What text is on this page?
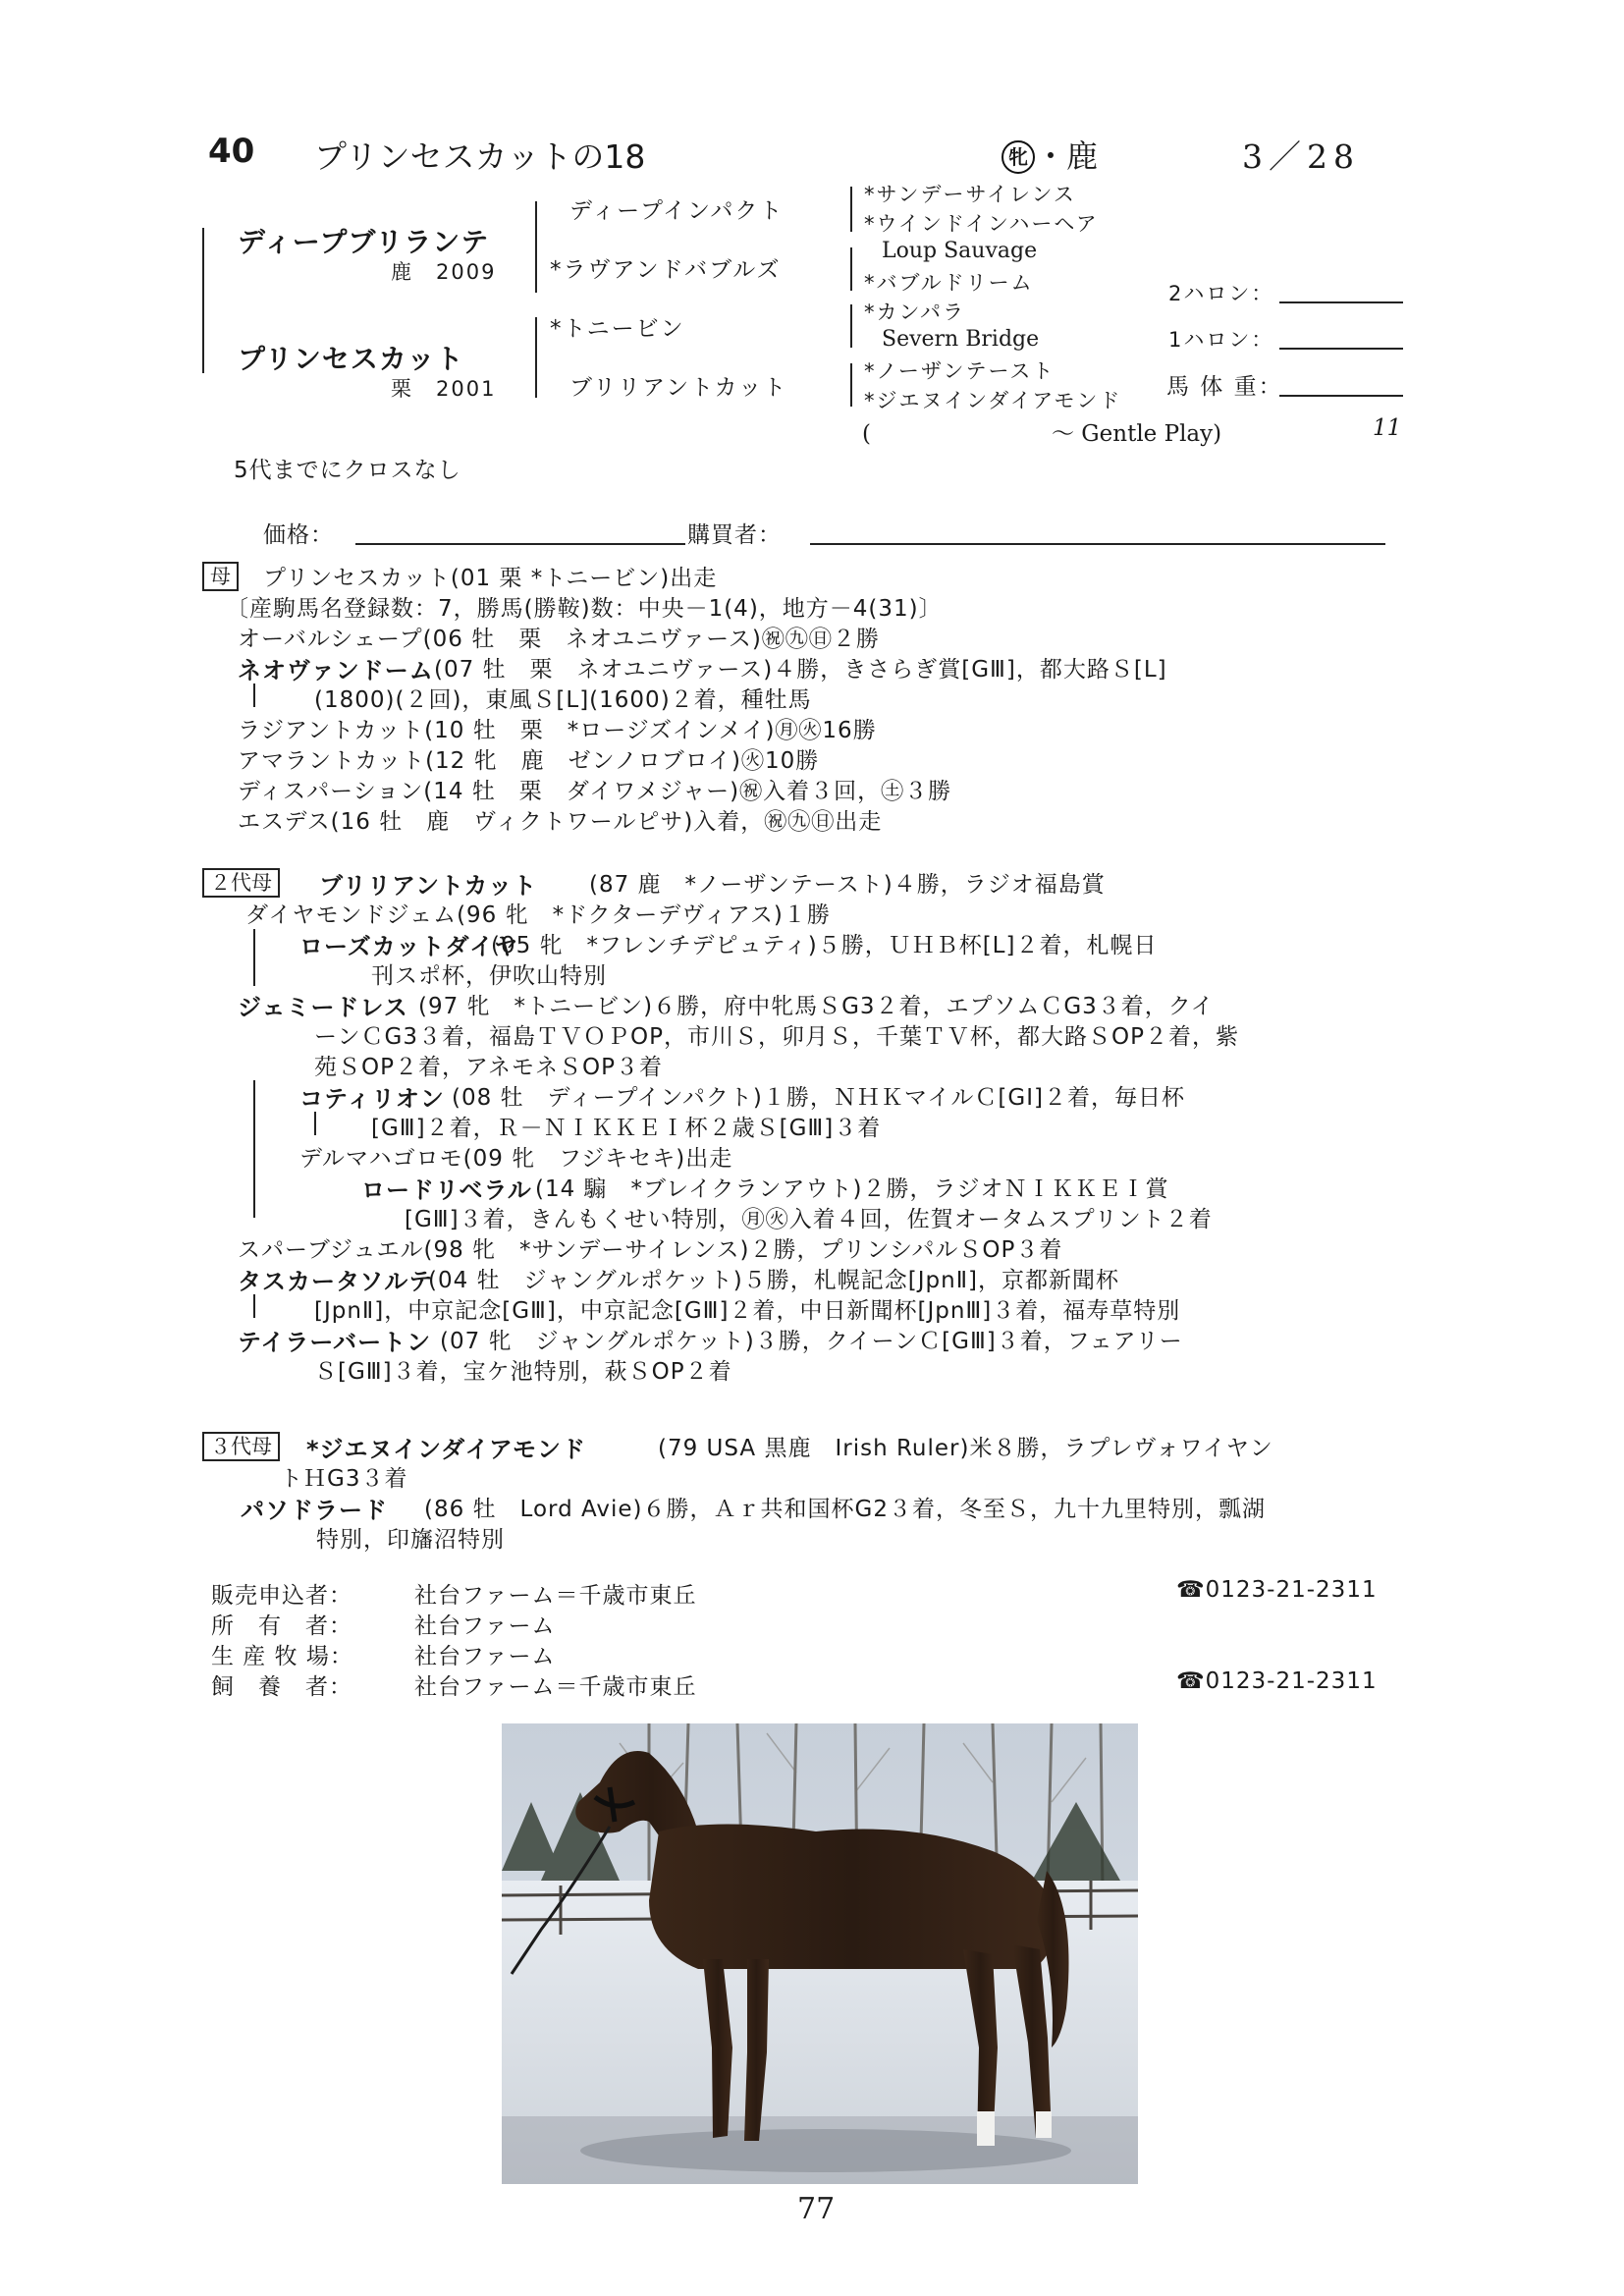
40 プリンセスカットの18	牝 ・鹿	3／28
ディープブリランテ
鹿　2009
プリンセスカット
栗　2001
ディープインパクト
*ラヴアンドバブルズ
*トニービン
ブリリアントカット
*サンデーサイレンス
*ウインドインハーヘア
Loup Sauvage
*バブルドリーム
*カンパラ
Severn Bridge
*ノーザンテースト
*ジエヌインダイアモンド
(　　　　　　　　〜 Gentle Play)	11
2ハロン：
1ハロン：
馬 体 重：
5代までにクロスなし
価格：	購買者：
母	プリンセスカット(01 栗 *トニービン)出走
〔産駒馬名登録数：7，勝馬(勝鞍)数：中央－1(4)，地方－4(31)〕
オーバルシェープ(06 牡　栗　ネオユニヴァース)㊗㊈㊐２勝
ネオヴァンドーム (07 牡　栗　ネオユニヴァース)４勝，きさらぎ賞[GⅢ]，都大路Ｓ[L]
(1800)(２回)，東風Ｓ[L](1600)２着，種牡馬
ラジアントカット(10 牡　栗　*ロージズインメイ)㊊㊋16勝
アマラントカット(12 牝　鹿　ゼンノロブロイ)㊋10勝
ディスパーション(14 牡　栗　ダイワメジャー)㊗入着３回，㊏３勝
エスデス(16 牡　鹿　ヴィクトワールピサ)入着，㊗㊈㊐出走
２代母	ブリリアントカット (87 鹿　*ノーザンテースト)４勝，ラジオ福島賞
ダイヤモンドジェム(96 牝　*ドクターデヴィアス)１勝
ローズカットダイヤ
(05 牝　*フレンチデピュティ)５勝，ＵＨＢ杯[L]２着，札幌日
刊スポ杯，伊吹山特別
ジェミードレス (97 牝　*トニービン)６勝，府中牝馬ＳG3２着，エプソムＣG3３着，クイ
ーンＣG3３着，福島ＴＶＯＰOP，市川Ｓ，卯月Ｓ，千葉ＴＶ杯，都大路ＳOP２着，紫
苑ＳOP２着，アネモネＳOP３着
コティリオン (08 牡　ディープインパクト)１勝，ＮＨＫマイルＣ[GⅠ]２着，毎日杯
[GⅢ]２着，Ｒ－ＮＩＫＫＥＩ杯２歳Ｓ[GⅢ]３着
デルマハゴロモ(09 牝　フジキセキ)出走
ロードリベラル (14 騸　*ブレイクランアウト)２勝，ラジオＮＩＫＫＥＩ賞
[GⅢ]３着，きんもくせい特別，㊊㊋入着４回，佐賀オータムスプリント２着
スパーブジュエル(98 牝　*サンデーサイレンス)２勝，プリンシパルＳOP３着
タスカータソルテ
(04 牡　ジャングルポケット)５勝，札幌記念[JpnⅡ]，京都新聞杯
[JpnⅡ]，中京記念[GⅢ]，中京記念[GⅢ]２着，中日新聞杯[JpnⅢ]３着，福寿草特別
テイラーバートン (07 牝　ジャングルポケット)３勝，クイーンＣ[GⅢ]３着，フェアリー
Ｓ[GⅢ]３着，宝ケ池特別，萩ＳOP２着
３代母	*ジエヌインダイアモンド	(79 USA 黒鹿　Irish Ruler)米８勝，ラプレヴォワイヤン
トＨG3３着
パソドラード (86 牡　Lord Avie)６勝，Ａｒ共和国杯G2３着，冬至Ｓ，九十九里特別，瓢湖
特別，印旛沼特別
販売申込者：	社台ファーム＝千歳市東丘	☎0123-21-2311
所　有　者：	社台ファーム
生 産 牧 場：	社台ファーム
飼　養　者：	社台ファーム＝千歳市東丘	☎0123-21-2311
77
